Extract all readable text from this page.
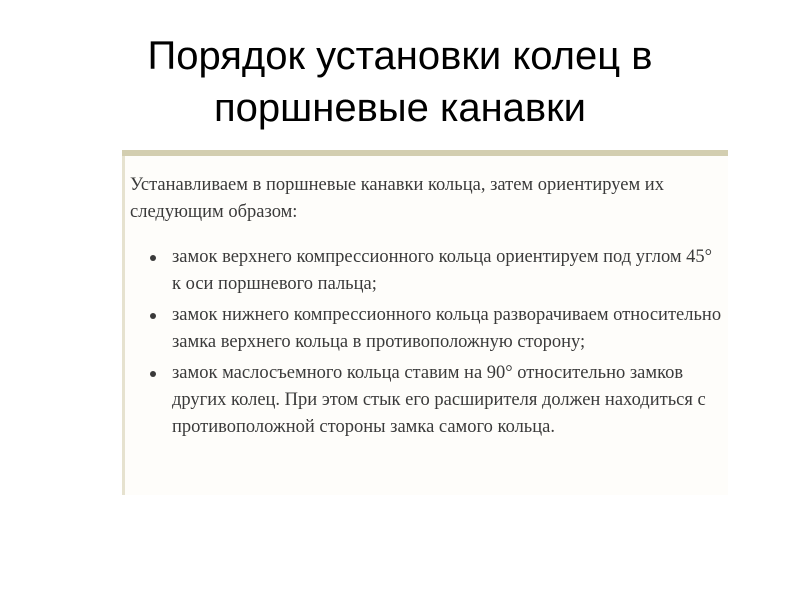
Порядок установки колец в поршневые канавки

Устанавливаем в поршневые канавки кольца, затем ориентируем их следующим образом:

замок верхнего компрессионного кольца ориентируем под углом 45° к оси поршневого пальца;
замок нижнего компрессионного кольца разворачиваем относительно замка верхнего кольца в противоположную сторону;
замок маслосъемного кольца ставим на 90° относительно замков других колец. При этом стык его расширителя должен находиться с противоположной стороны замка самого кольца.
